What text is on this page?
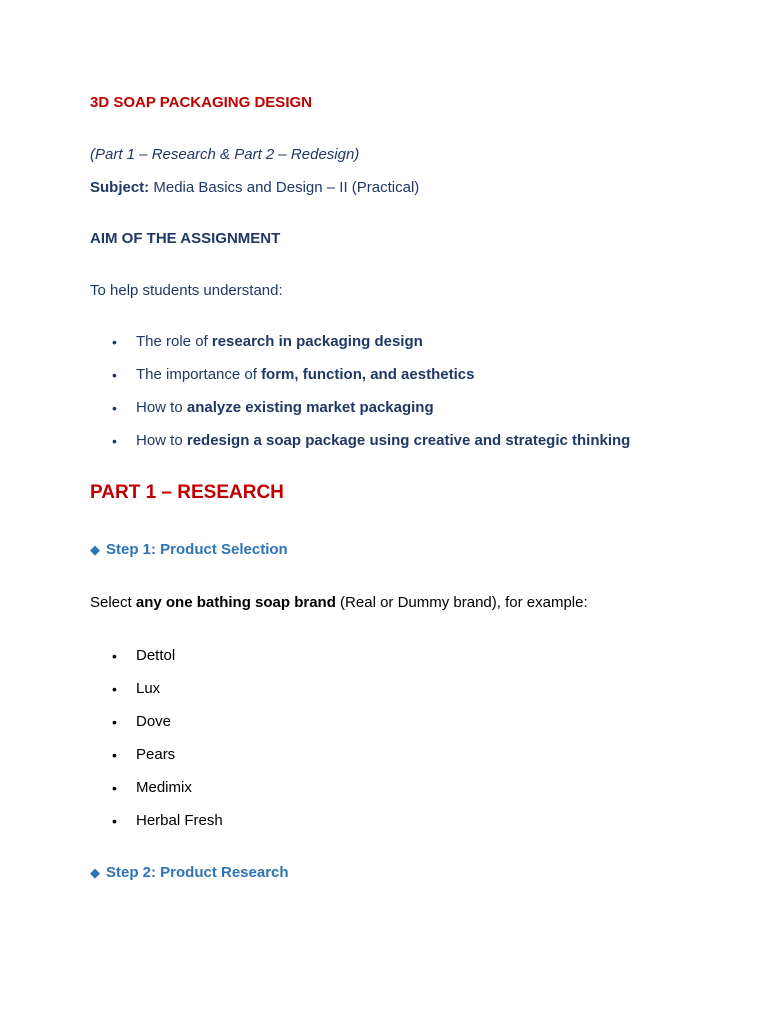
3D SOAP PACKAGING DESIGN
(Part 1 – Research & Part 2 – Redesign)
Subject: Media Basics and Design – II (Practical)
AIM OF THE ASSIGNMENT
To help students understand:
• The role of research in packaging design
• The importance of form, function, and aesthetics
• How to analyze existing market packaging
• How to redesign a soap package using creative and strategic thinking
PART 1 – RESEARCH
◆ Step 1: Product Selection
Select any one bathing soap brand (Real or Dummy brand), for example:
• Dettol
• Lux
• Dove
• Pears
• Medimix
• Herbal Fresh
◆ Step 2: Product Research
